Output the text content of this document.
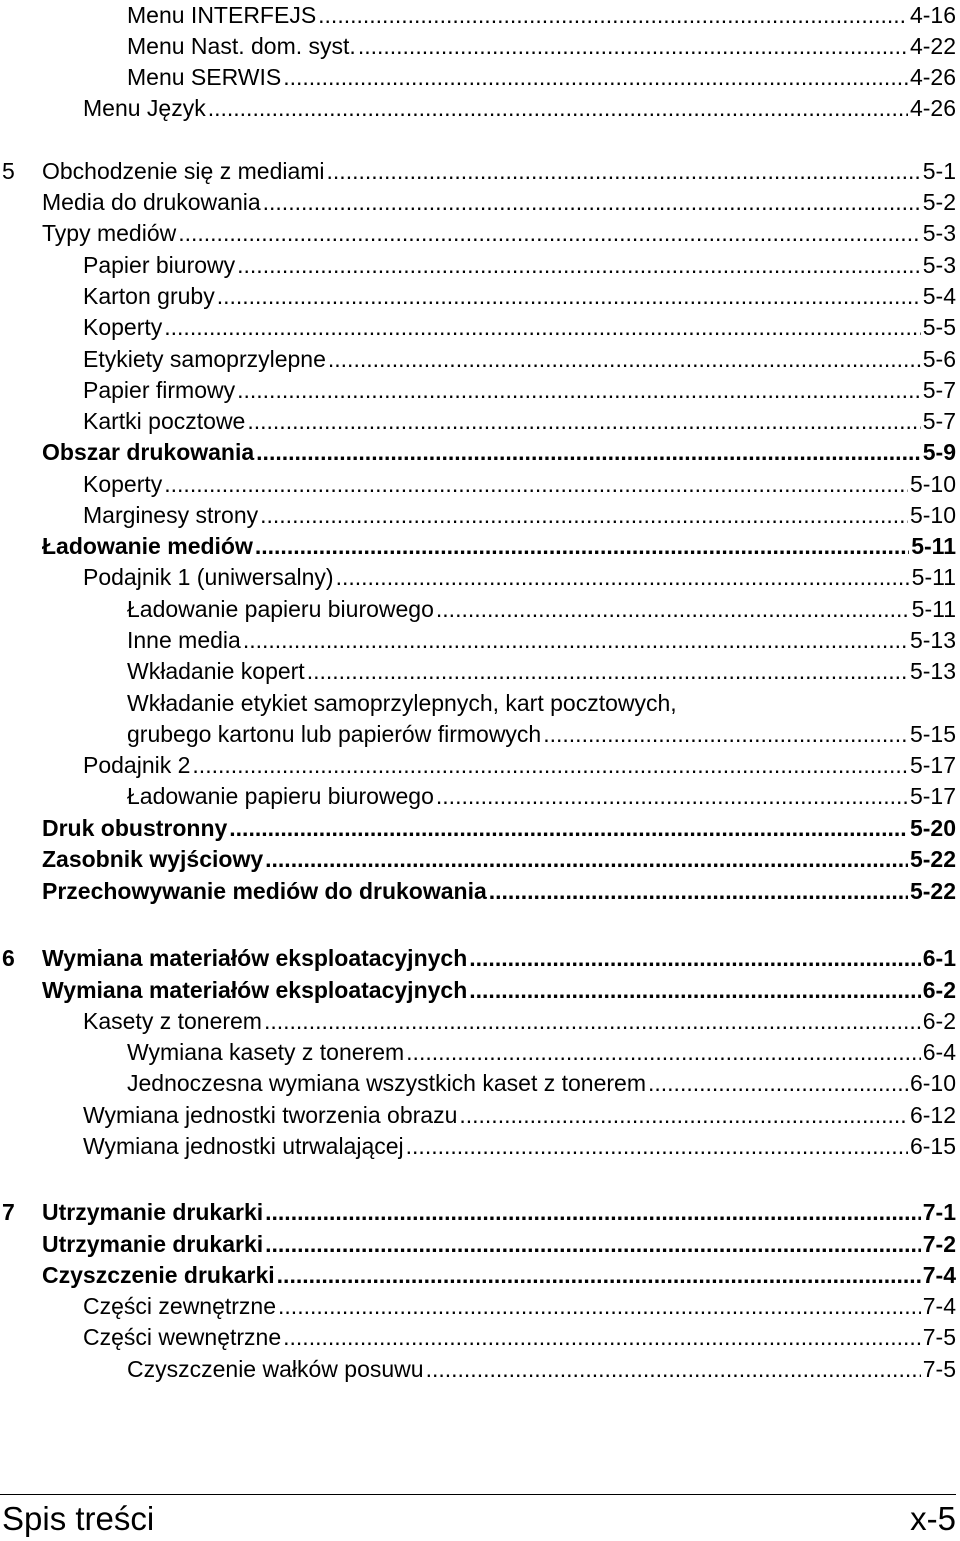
Menu INTERFEJS .....	4-16
Menu Nast. dom. syst. .....	4-22
Menu SERWIS .....	4-26
Menu Język .....	4-26
5 Obchodzenie się z mediami .....	5-1
Media do drukowania .....	5-2
Typy mediów .....	5-3
Papier biurowy .....	5-3
Karton gruby .....	5-4
Koperty .....	5-5
Etykiety samoprzylepne .....	5-6
Papier firmowy .....	5-7
Kartki pocztowe .....	5-7
Obszar drukowania .....	5-9
Koperty .....	5-10
Marginesy strony .....	5-10
Ładowanie mediów .....	5-11
Podajnik 1 (uniwersalny) .....	5-11
Ładowanie papieru biurowego .....	5-11
Inne media .....	5-13
Wkładanie kopert .....	5-13
Wkładanie etykiet samoprzylepnych, kart pocztowych,
grubego kartonu lub papierów firmowych .....	5-15
Podajnik 2 .....	5-17
Ładowanie papieru biurowego .....	5-17
Druk obustronny .....	5-20
Zasobnik wyjściowy .....	5-22
Przechowywanie mediów do drukowania .....	5-22
6 Wymiana materiałów eksploatacyjnych .....	6-1
Wymiana materiałów eksploatacyjnych .....	6-2
Kasety z tonerem .....	6-2
Wymiana kasety z tonerem .....	6-4
Jednoczesna wymiana wszystkich kaset z tonerem .....	6-10
Wymiana jednostki tworzenia obrazu .....	6-12
Wymiana jednostki utrwalającej .....	6-15
7 Utrzymanie drukarki .....	7-1
Utrzymanie drukarki .....	7-2
Czyszczenie drukarki .....	7-4
Części zewnętrzne .....	7-4
Części wewnętrzne .....	7-5
Czyszczenie wałków posuwu .....	7-5
Spis treści	x-5
